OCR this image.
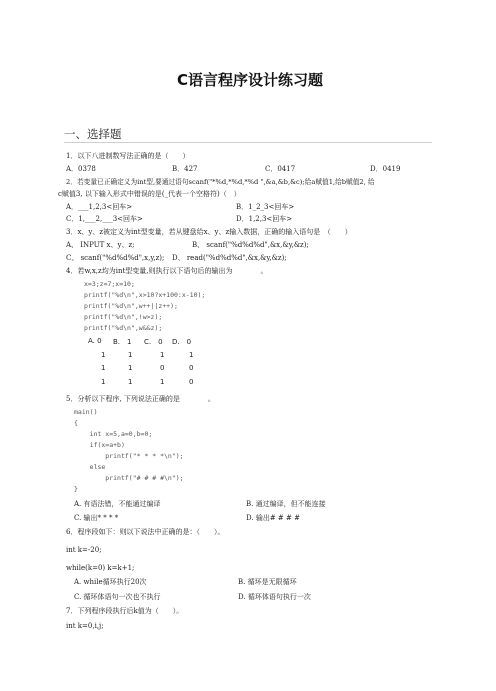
C语言程序设计练习题
一、选择题
1．以下八进制数写法正确的是（　　）
A．0378	B．427	C．0417	D．0419
2．若变量已正确定义为int型,要通过语句scanf("*%d,*%d,*%d ",&a,&b,&c);给a赋值1,给b赋值2, 给
c赋值3, 以下输入形式中错误的是(_代表一个空格符)（　）
A．___1,2,3<回车>	B．1_2_3<回车>
C．1,___2,___3<回车>	D．1,2,3<回车>
3．x、y、z被定义为int型变量，若从键盘给x、y、z输入数据，正确的输入语句是　（　　）
A、 INPUT x、y、z;	B、 scanf("%d%d%d",&x,&y,&z);
C、 scanf("%d%d%d",x,y,z); D、 read("%d%d%d",&x,&y,&z);
4．若w,x,z均为int型变量,则执行以下语句后的输出为　　　　。
x=3;z=7;x=10;
printf("%d\n",x>10?x+100:x-10);
printf("%d\n",w++||z++);
printf("%d\n",!w>z);
printf("%d\n",w&&z);
A. 0 B.　1 C.　0 D.　0
1	1	1	1
1	1	0	0
1	1	1	0
5．分析以下程序, 下列说法正确的是　　　　。
main()
{
int x=5,a=0,b=0;
if(x=a+b)
printf("* * * *\n");
else
printf("# # # #\n");
}
A. 有语法错，不能通过编译	B. 通过编译，但不能连接
C. 输出* * * *	D. 输出# # # #
6．程序段如下：则以下说法中正确的是：（　　）。
int k=-20;
while(k=0) k=k+1;
A. while循环执行20次	B. 循环是无限循环
C. 循环体语句一次也不执行	D. 循环体语句执行一次
7．下列程序段执行后k值为（　　）。
int k=0,i,j;
